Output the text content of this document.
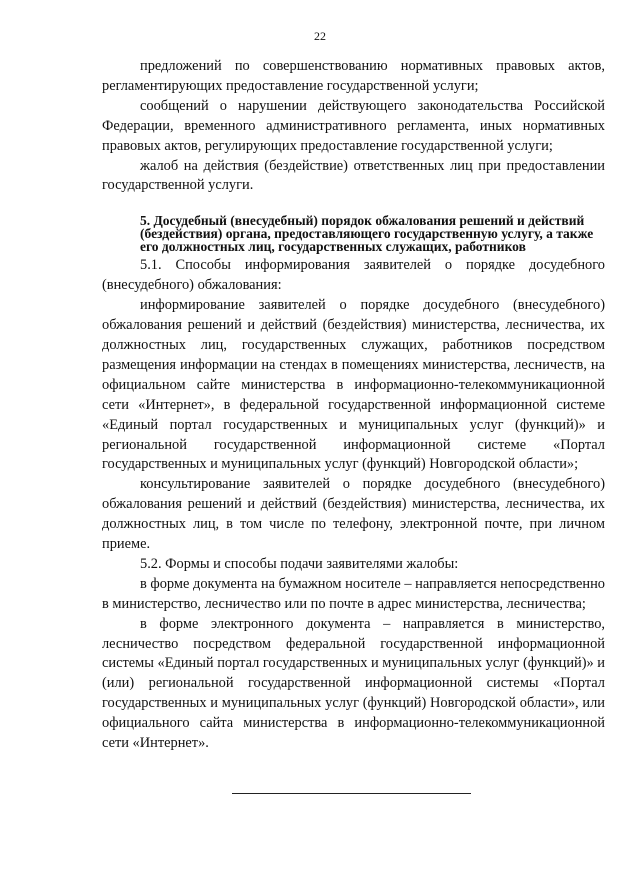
22

предложений по совершенствованию нормативных правовых актов, регламентирующих предоставление государственной услуги;

сообщений о нарушении действующего законодательства Российской Федерации, временного административного регламента, иных нормативных правовых актов, регулирующих предоставление государственной услуги;

жалоб на действия (бездействие) ответственных лиц при предоставлении государственной услуги.

5. Досудебный (внесудебный) порядок обжалования решений и действий (бездействия) органа, предоставляющего государственную услугу, а также его должностных лиц, государственных служащих, работников

5.1. Способы информирования заявителей о порядке досудебного (внесудебного) обжалования:

информирование заявителей о порядке досудебного (внесудебного) обжалования решений и действий (бездействия) министерства, лесничества, их должностных лиц, государственных служащих, работников посредством размещения информации на стендах в помещениях министерства, лесничеств, на официальном сайте министерства в информационно-телекоммуникационной сети «Интернет», в федеральной государственной информационной системе «Единый портал государственных и муниципальных услуг (функций)» и региональной государственной информационной системе «Портал государственных и муниципальных услуг (функций) Новгородской области»;

консультирование заявителей о порядке досудебного (внесудебного) обжалования решений и действий (бездействия) министерства, лесничества, их должностных лиц, в том числе по телефону, электронной почте, при личном приеме.

5.2. Формы и способы подачи заявителями жалобы:

в форме документа на бумажном носителе – направляется непосредственно в министерство, лесничество или по почте в адрес министерства, лесничества;

в форме электронного документа – направляется в министерство, лесничество посредством федеральной государственной информационной системы «Единый портал государственных и муниципальных услуг (функций)» и (или) региональной государственной информационной системы «Портал государственных и муниципальных услуг (функций) Новгородской области», или официального сайта министерства в информационно-телекоммуникационной сети «Интернет».
